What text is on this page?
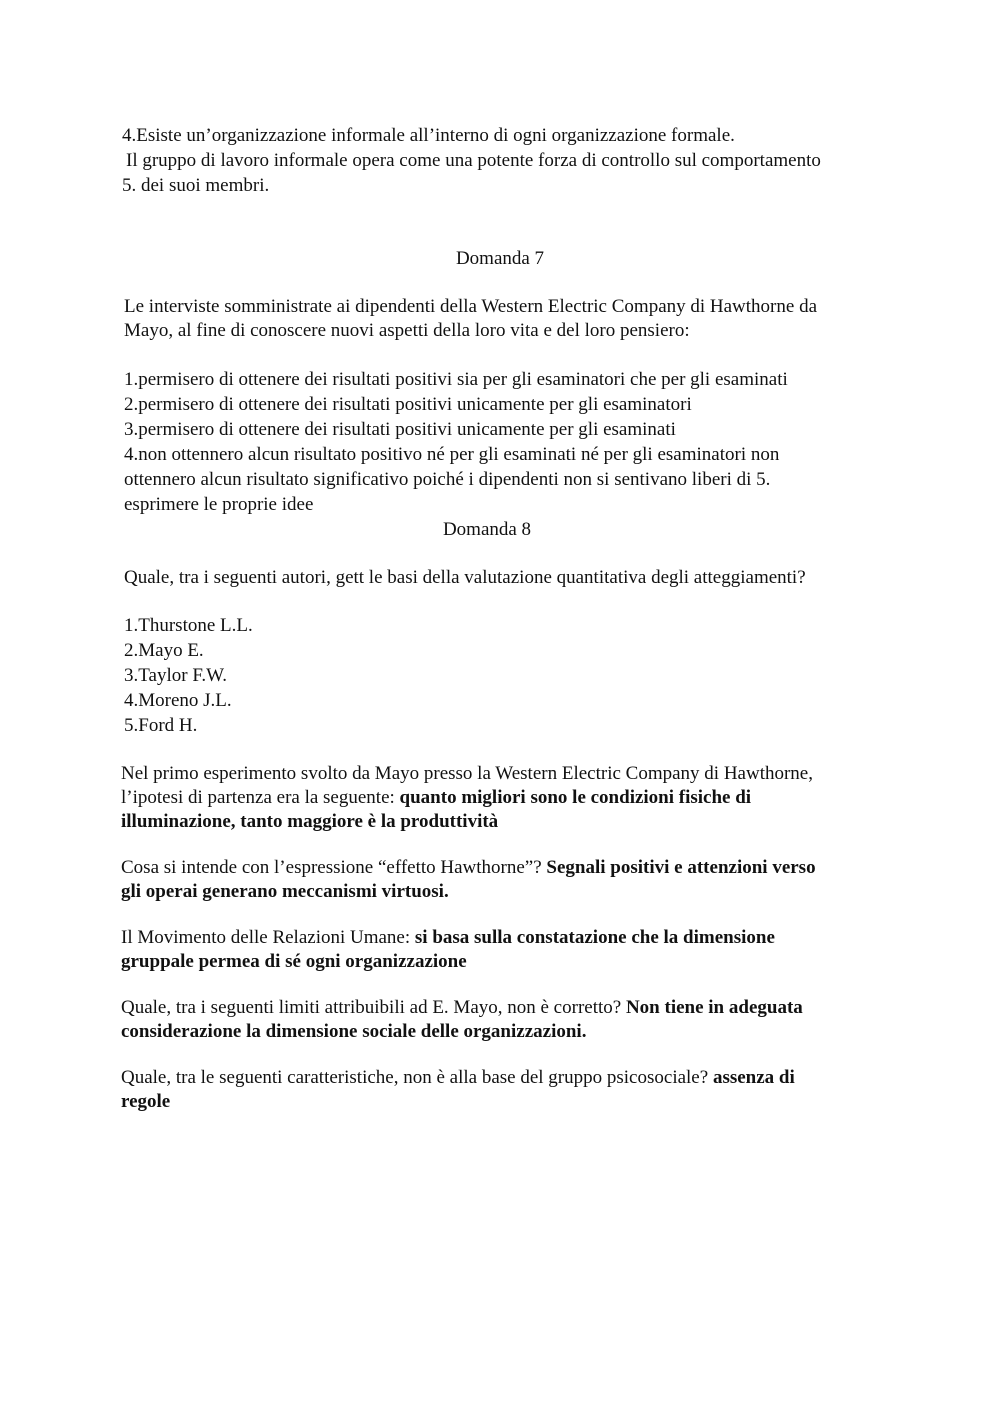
4.Esiste un’organizzazione informale all’interno di ogni organizzazione formale.
Il gruppo di lavoro informale opera come una potente forza di controllo sul comportamento
5. dei suoi membri.
Domanda 7
Le interviste somministrate ai dipendenti della Western Electric Company di Hawthorne da
Mayo, al fine di conoscere nuovi aspetti della loro vita e del loro pensiero:
1.permisero di ottenere dei risultati positivi sia per gli esaminatori che per gli esaminati
2.permisero di ottenere dei risultati positivi unicamente per gli esaminatori
3.permisero di ottenere dei risultati positivi unicamente per gli esaminati
4.non ottennero alcun risultato positivo né per gli esaminati né per gli esaminatori non
ottennero alcun risultato significativo poiché i dipendenti non si sentivano liberi di 5.
esprimere le proprie idee
Domanda 8
Quale, tra i seguenti autori, gett le basi della valutazione quantitativa degli atteggiamenti?
1.Thurstone L.L.
2.Mayo E.
3.Taylor F.W.
4.Moreno J.L.
5.Ford H.
Nel primo esperimento svolto da Mayo presso la Western Electric Company di Hawthorne,
l’ipotesi di partenza era la seguente: quanto migliori sono le condizioni fisiche di
illuminazione, tanto maggiore è la produttività
Cosa si intende con l’espressione “effetto Hawthorne”? Segnali positivi e attenzioni verso
gli operai generano meccanismi virtuosi.
Il Movimento delle Relazioni Umane: si basa sulla constatazione che la dimensione
gruppale permea di sé ogni organizzazione
Quale, tra i seguenti limiti attribuibili ad E. Mayo, non è corretto? Non tiene in adeguata
considerazione la dimensione sociale delle organizzazioni.
Quale, tra le seguenti caratteristiche, non è alla base del gruppo psicosociale? assenza di
regole
